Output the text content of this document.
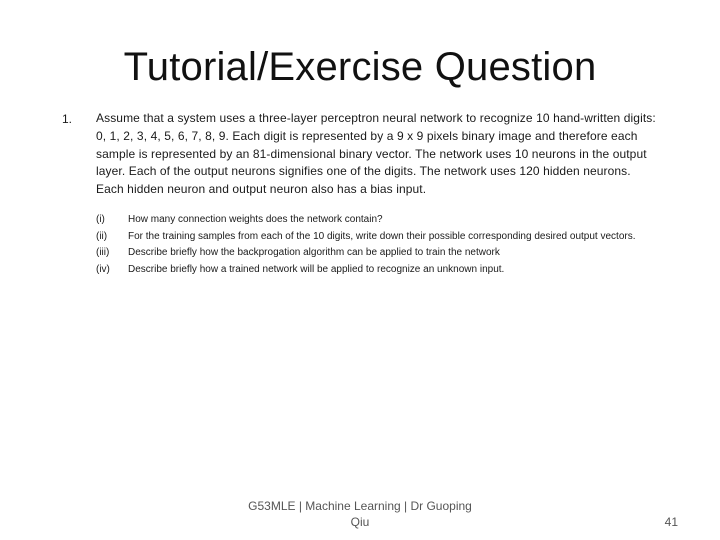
Tutorial/Exercise Question
1. Assume that a system uses a three-layer perceptron neural network to recognize 10 hand-written digits: 0, 1, 2, 3, 4, 5, 6, 7, 8, 9. Each digit is represented by a 9 x 9 pixels binary image and therefore each sample is represented by an 81-dimensional binary vector. The network uses 10 neurons in the output layer. Each of the output neurons signifies one of the digits. The network uses 120 hidden neurons. Each hidden neuron and output neuron also has a bias input.
(i)	How many connection weights does the network contain?
(ii)	For the training samples from each of the 10 digits, write down their possible corresponding desired output vectors.
(iii)	Describe briefly how the backprogation algorithm can be applied to train the network
(iv)	Describe briefly how a trained network will be applied to recognize an unknown input.
G53MLE | Machine Learning | Dr Guoping Qiu	41
